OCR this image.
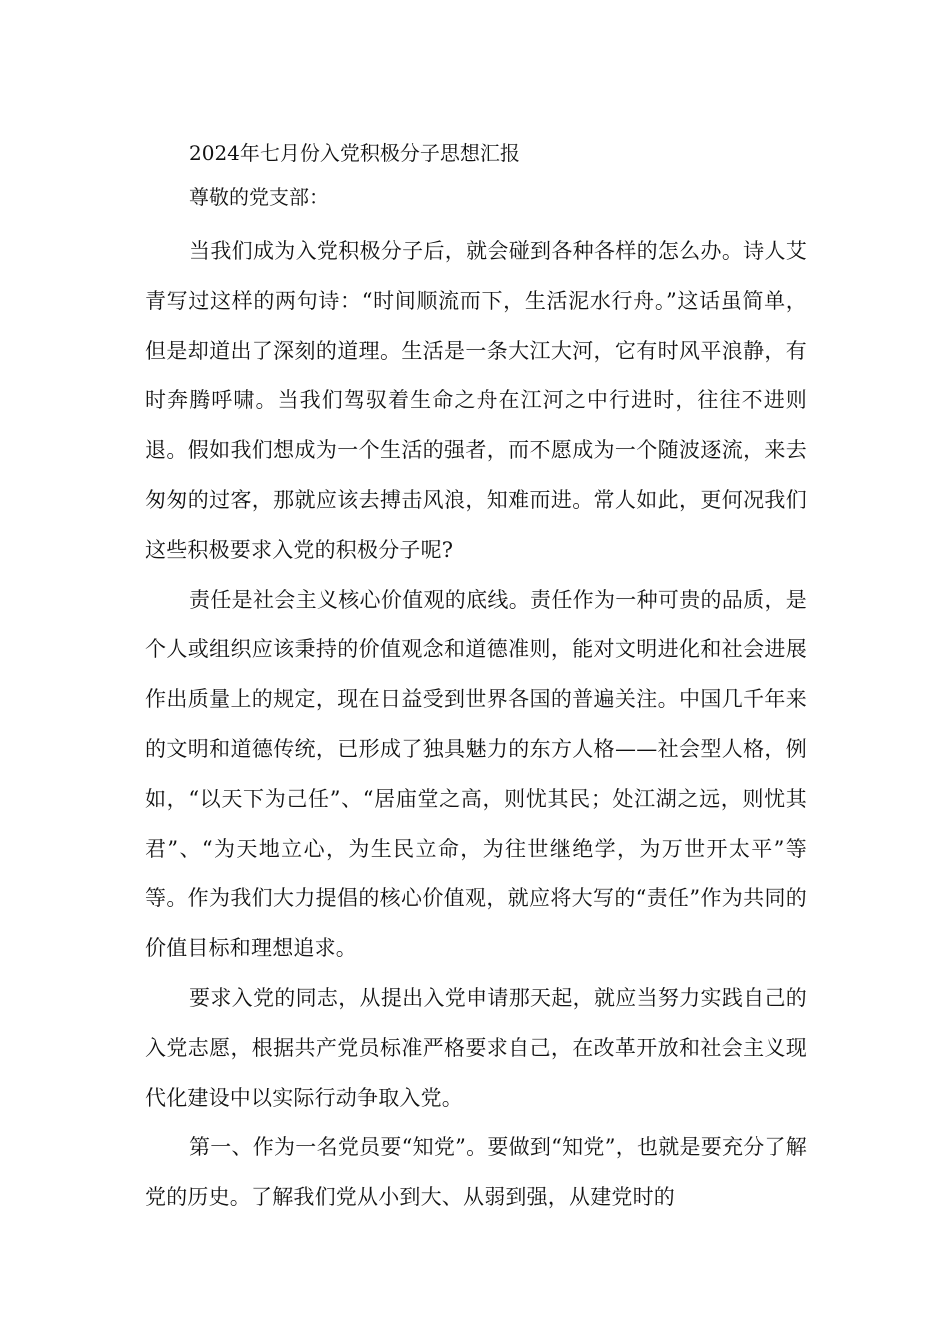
2024年七月份入党积极分子思想汇报

尊敬的党支部：

当我们成为入党积极分子后，就会碰到各种各样的怎么办。诗人艾青写过这样的两句诗：“时间顺流而下，生活泥水行舟。”这话虽简单，但是却道出了深刻的道理。生活是一条大江大河，它有时风平浪静，有时奔腾呼啸。当我们驾驭着生命之舟在江河之中行进时，往往不进则退。假如我们想成为一个生活的强者，而不愿成为一个随波逐流，来去匆匆的过客，那就应该去搏击风浪，知难而进。常人如此，更何况我们这些积极要求入党的积极分子呢?

责任是社会主义核心价值观的底线。责任作为一种可贵的品质，是个人或组织应该秉持的价值观念和道德准则，能对文明进化和社会进展作出质量上的规定，现在日益受到世界各国的普遍关注。中国几千年来的文明和道德传统，已形成了独具魅力的东方人格——社会型人格，例如，“以天下为己任”、“居庙堂之高，则忧其民；处江湖之远，则忧其君”、“为天地立心，为生民立命，为往世继绝学，为万世开太平”等等。作为我们大力提倡的核心价值观，就应将大写的“责任”作为共同的价值目标和理想追求。

要求入党的同志，从提出入党申请那天起，就应当努力实践自己的入党志愿，根据共产党员标准严格要求自己，在改革开放和社会主义现代化建设中以实际行动争取入党。

第一、作为一名党员要“知党”。要做到“知党”，也就是要充分了解党的历史。了解我们党从小到大、从弱到强，从建党时的
